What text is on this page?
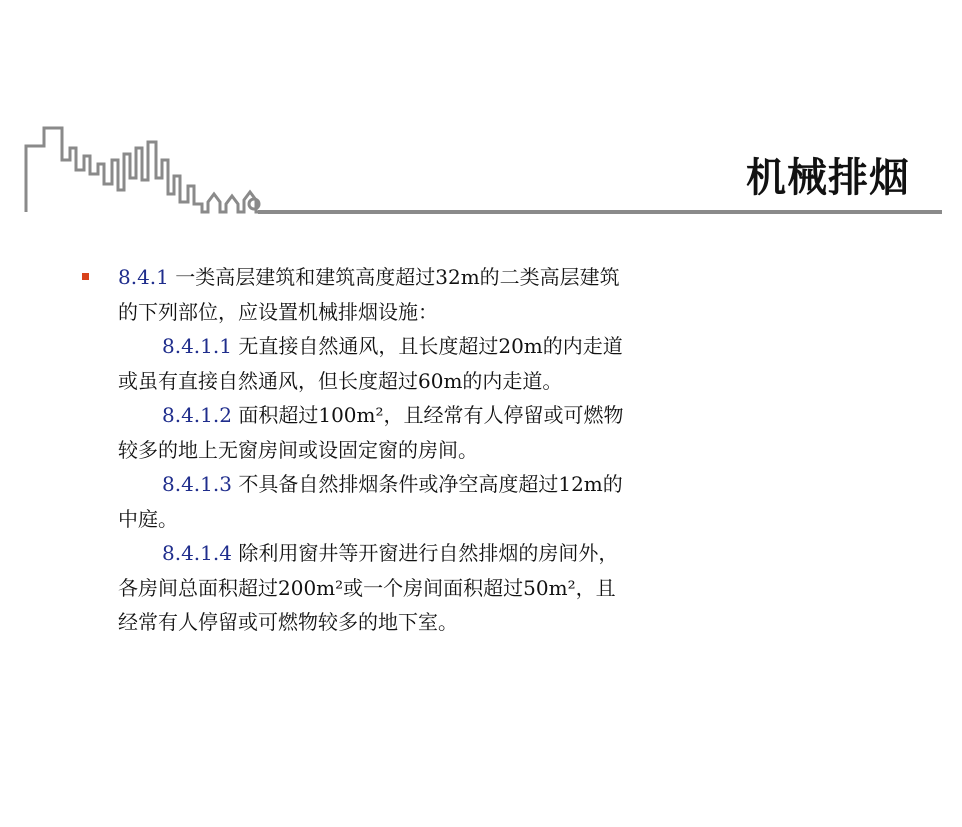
机械排烟

8.4.1 一类高层建筑和建筑高度超过32m的二类高层建筑的下列部位，应设置机械排烟设施：

8.4.1.1 无直接自然通风，且长度超过20m的内走道或虽有直接自然通风，但长度超过60m的内走道。

8.4.1.2 面积超过100m²，且经常有人停留或可燃物较多的地上无窗房间或设固定窗的房间。

8.4.1.3 不具备自然排烟条件或净空高度超过12m的中庭。

8.4.1.4 除利用窗井等开窗进行自然排烟的房间外，各房间总面积超过200m²或一个房间面积超过50m²，且经常有人停留或可燃物较多的地下室。
